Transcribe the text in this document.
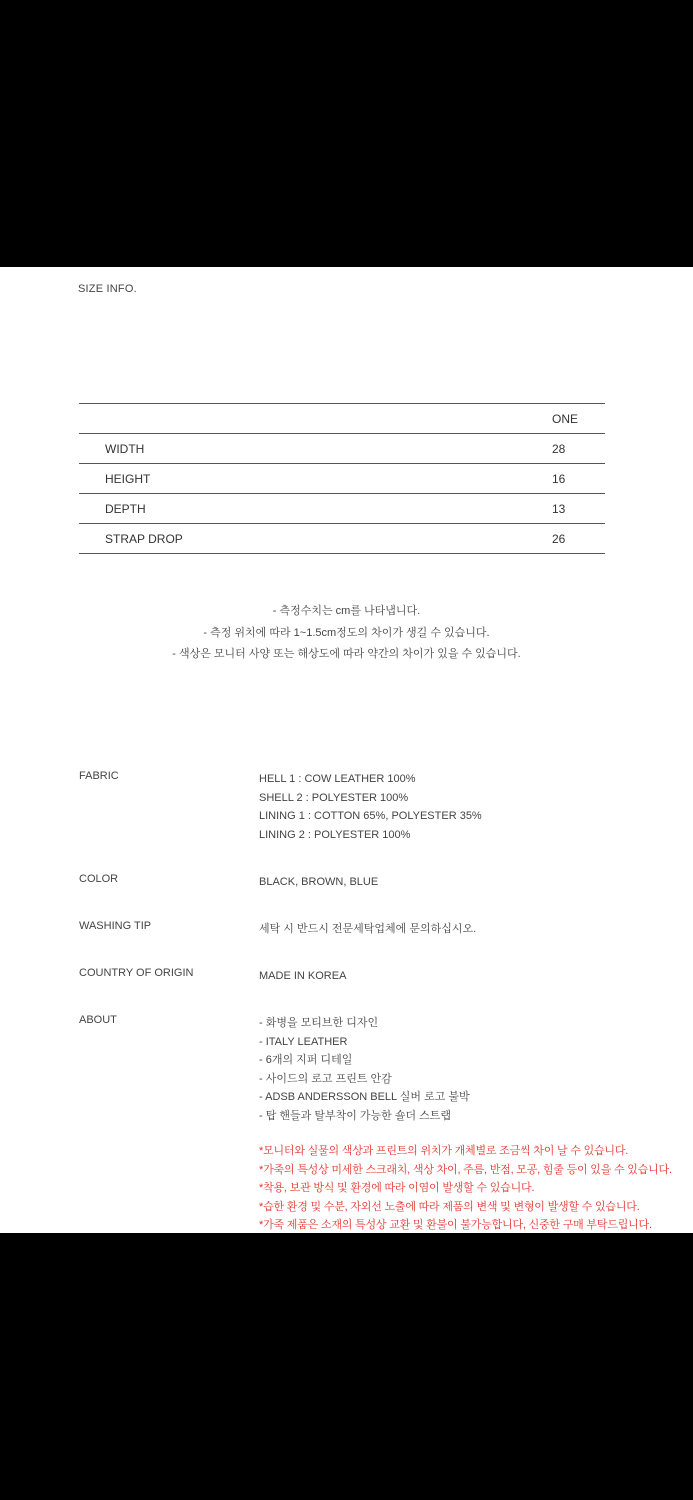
SIZE INFO.
	ONE
WIDTH	28
HEIGHT	16
DEPTH	13
STRAP DROP	26
- 측정수치는 cm를 나타냅니다.
- 측정 위치에 따라 1~1.5cm정도의 차이가 생길 수 있습니다.
- 색상은 모니터 사양 또는 해상도에 따라 약간의 차이가 있을 수 있습니다.
FABRIC	HELL 1 : COW LEATHER 100%
SHELL 2 : POLYESTER 100%
LINING 1 : COTTON 65%, POLYESTER 35%
LINING 2 : POLYESTER 100%
COLOR	BLACK, BROWN, BLUE
WASHING TIP	세탁 시 반드시 전문세탁업체에 문의하십시오.
COUNTRY OF ORIGIN	MADE IN KOREA
ABOUT	- 화병을 모티브한 디자인
- ITALY LEATHER
- 6개의 지퍼 디테일
- 사이드의 로고 프린트 안감
- ADSB ANDERSSON BELL 실버 로고 불박
- 탑 핸들과 탈부착이 가능한 숄더 스트랩
*모니터와 실물의 색상과 프린트의 위치가 개체별로 조금씩 차이 날 수 있습니다.
*가죽의 특성상 미세한 스크래치, 색상 차이, 주름, 반점, 모공, 힘줄 등이 있을 수 있습니다.
*착용, 보관 방식 및 환경에 따라 이염이 발생할 수 있습니다.
*습한 환경 및 수분, 자외선 노출에 따라 제품의 변색 및 변형이 발생할 수 있습니다.
*가죽 제품은 소재의 특성상 교환 및 환불이 불가능합니다, 신중한 구매 부탁드립니다.
